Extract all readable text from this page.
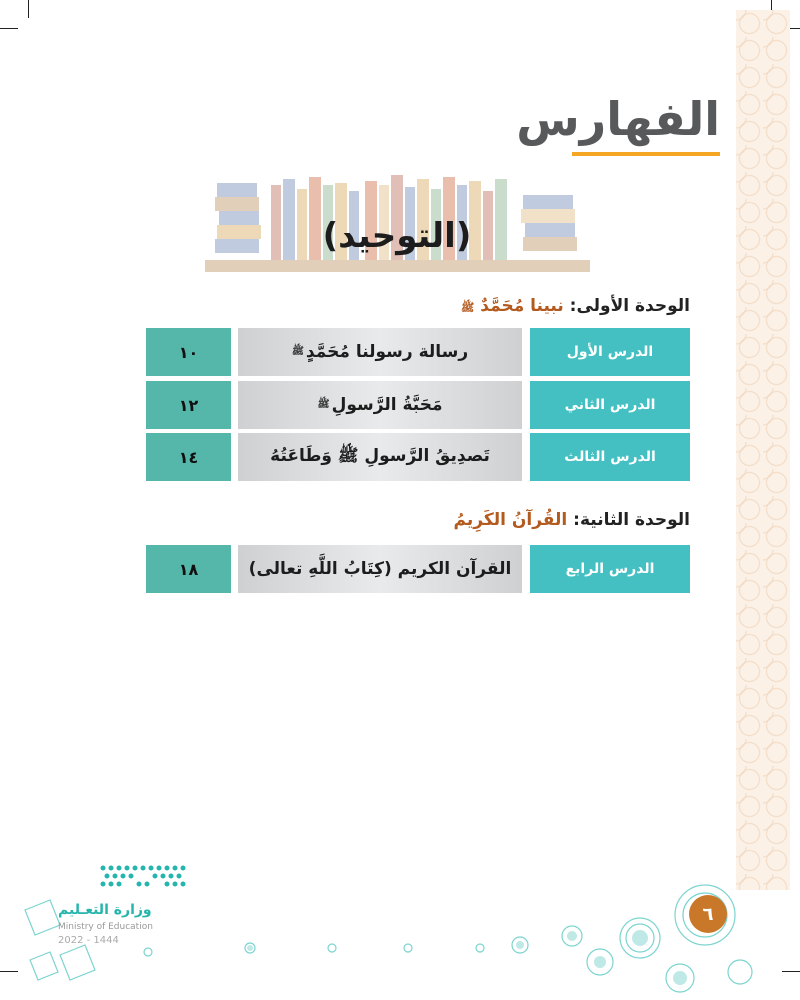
الفهارس
(التوحيد)

الوحدة الأولى: نبينا مُحَمَّدٌ ﷺ

الدرس الأول
رسالة رسولنا مُحَمَّدٍ
ﷺ
١٠
الدرس الثاني
مَحَبَّةُ الرَّسولِ
ﷺ
١٢
الدرس الثالث
تَصدِيقُ الرَّسولِ ﷺ وَطَاعَتُهُ
١٤

الوحدة الثانية: القُرآنُ الكَرِيمُ

الدرس الرابع
القرآن الكريم (كِتَابُ اللَّهِ تعالى)
١٨

وزارة التعـليم

Ministry of Education

2022 - 1444

٦
